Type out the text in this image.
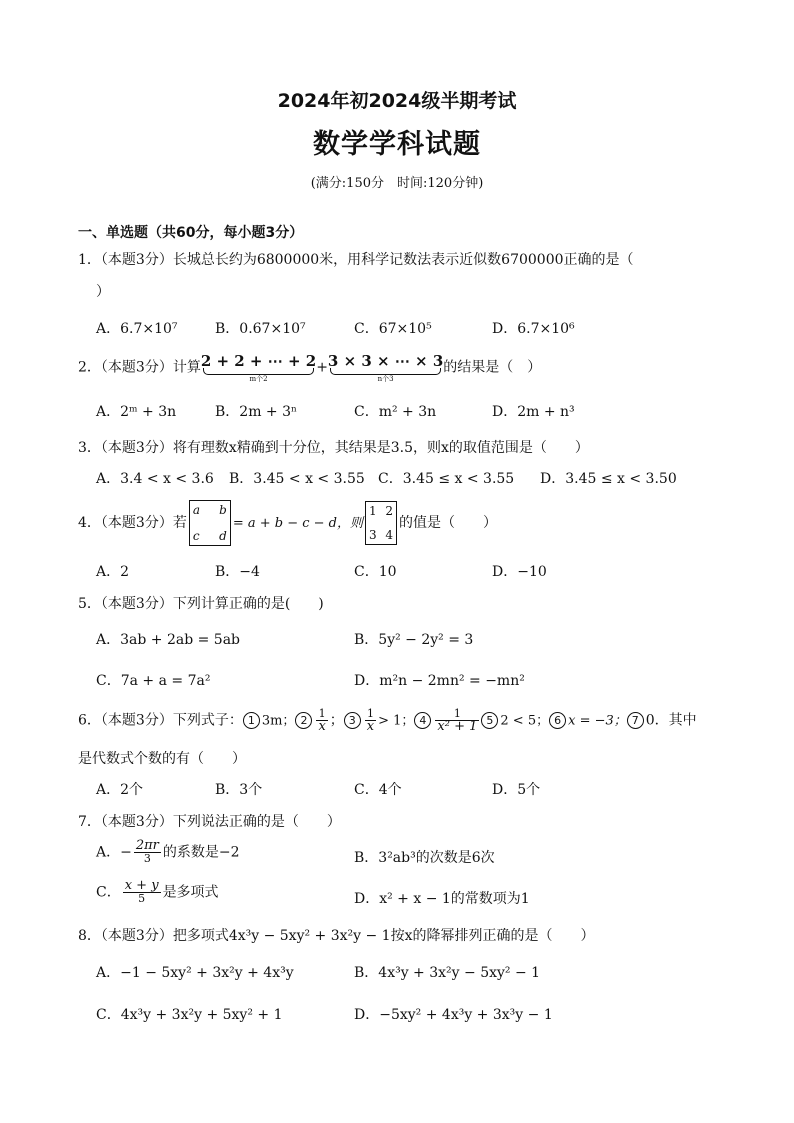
2024年初2024级半期考试
数学学科试题
(满分:150分　时间:120分钟)
一、单选题（共60分，每小题3分）
1．（本题3分）长城总长约为6800000米，用科学记数法表示近似数6700000正确的是（
）
A．6.7×10⁷	B．0.67×10⁷	C．67×10⁵	D．6.7×10⁶
2．（本题3分）计算2 + 2 + ⋯ + 2
m个2
+3 × 3 × ⋯ × 3
n个3
的结果是（　）
A．2ᵐ + 3n	B．2m + 3ⁿ	C．m² + 3n	D．2m + n³
3．（本题3分）将有理数x精确到十分位，其结果是3.5，则x的取值范围是（　　）
A．3.4 < x < 3.6 B．3.45 < x < 3.55 C．3.45 ≤ x < 3.55 D．3.45 ≤ x < 3.50
4．（本题3分）若
a b
c d
= a + b − c − d，则
1 2
3 4
的值是（　　）
A．2	B．−4	C．10	D．−10
5．（本题3分）下列计算正确的是(　　)
A．3ab + 2ab = 5ab	B．5y² − 2y² = 3
C．7a + a = 7a²	D．m²n − 2mn² = −mn²
6．（本题3分）下列式子： 1 3m； $2 \frac{1}{x}$ ； $3 \frac{1}{x} > 1$； $4 \frac{1}{\text{x² + 1}} 5$ 2 < 5； 6 x = −3； 7 0．其中
是代数式个数的有（　　）
A．2个	B．3个	C．4个	D．5个
7．（本题3分）下列说法正确的是（　　）
A．− $\frac{2\pi r}{3}$ 的系数是−2	B．3²ab³的次数是6次
C． $\frac{x + y}{5}$ 是多项式	D．x² + x − 1的常数项为1
8．（本题3分）把多项式4x³y − 5xy² + 3x²y − 1按x的降幂排列正确的是（　　）
A．−1 − 5xy² + 3x²y + 4x³y	B．4x³y + 3x²y − 5xy² − 1
C．4x³y + 3x²y + 5xy² + 1	D．−5xy² + 4x³y + 3x³y − 1
